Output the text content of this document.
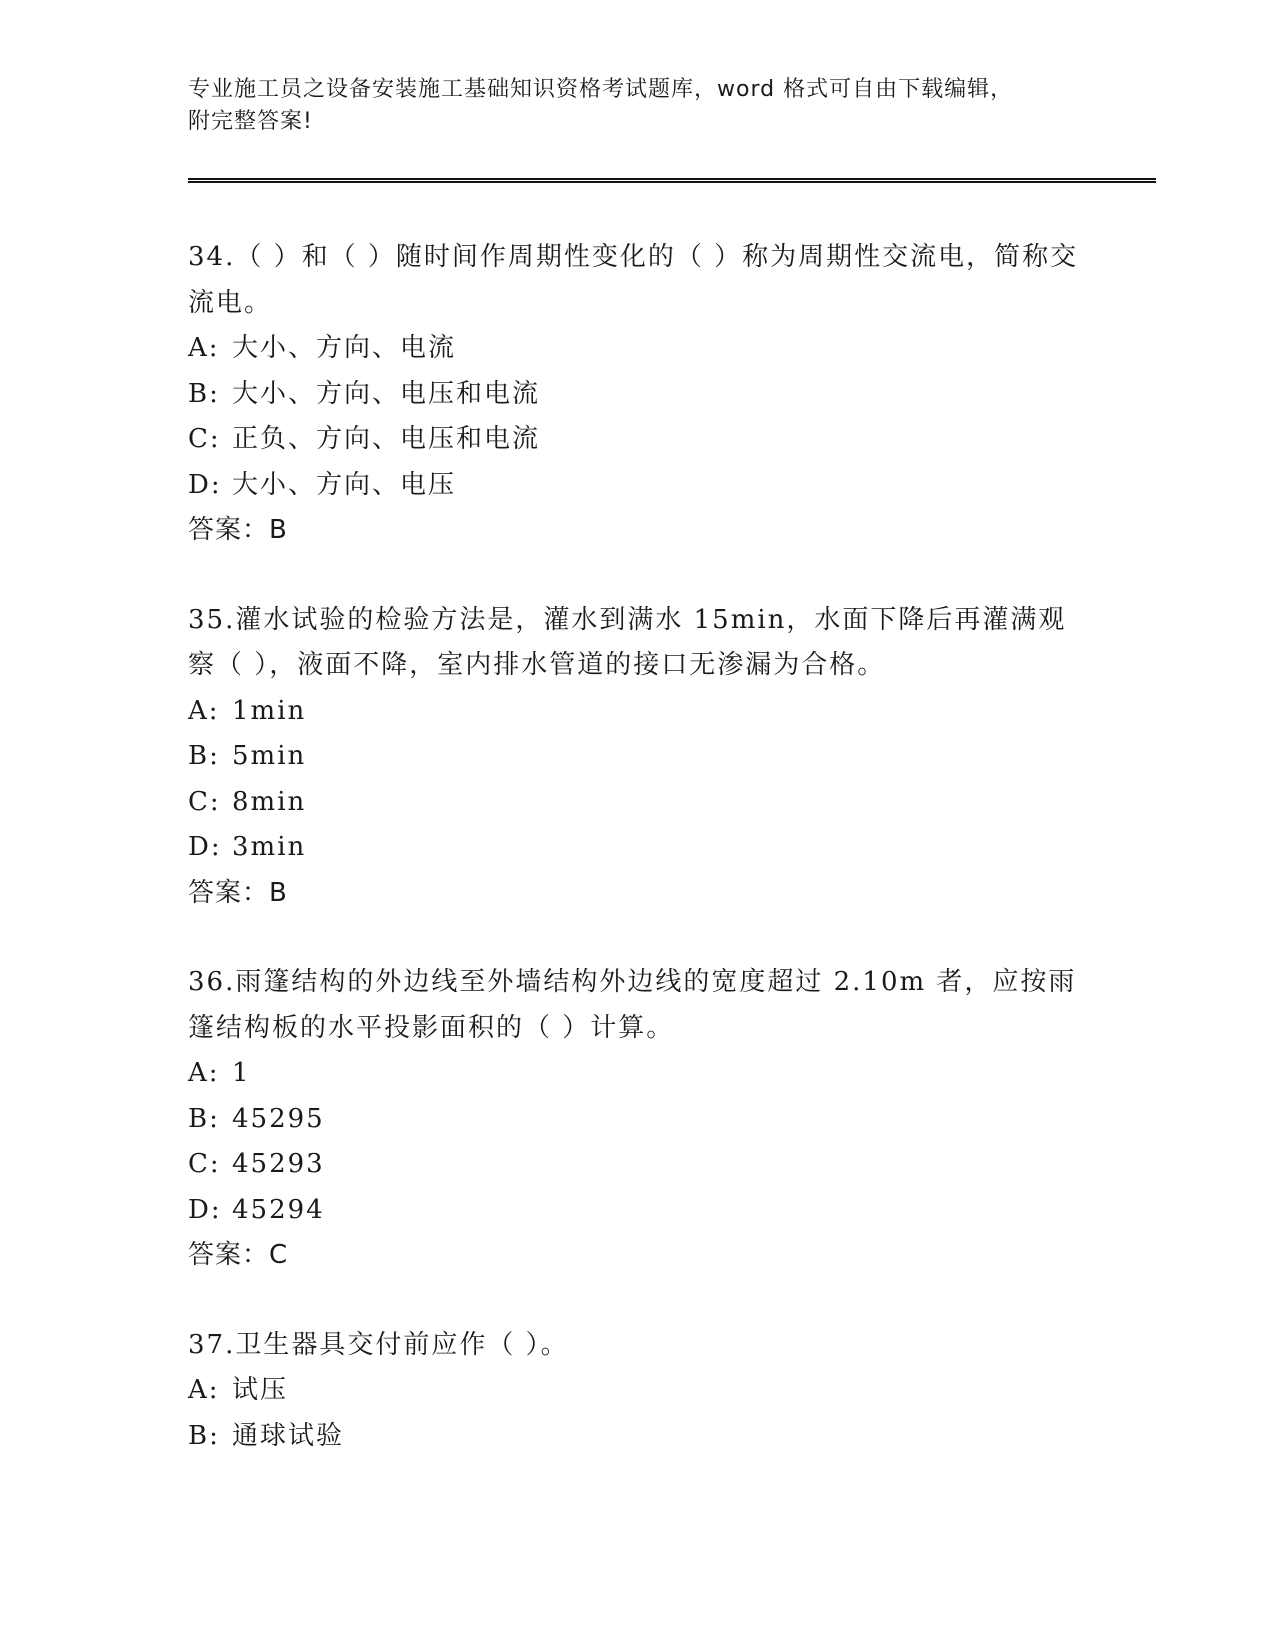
专业施工员之设备安装施工基础知识资格考试题库，word 格式可自由下载编辑，
附完整答案!
34.（ ）和（ ）随时间作周期性变化的（ ）称为周期性交流电，简称交流电。
A: 大小、方向、电流
B: 大小、方向、电压和电流
C: 正负、方向、电压和电流
D: 大小、方向、电压
答案：B
35.灌水试验的检验方法是，灌水到满水 15min，水面下降后再灌满观察（ ），液面不降，室内排水管道的接口无渗漏为合格。
A: 1min
B: 5min
C: 8min
D: 3min
答案：B
36.雨篷结构的外边线至外墙结构外边线的宽度超过 2.10m 者，应按雨篷结构板的水平投影面积的（ ）计算。
A: 1
B: 45295
C: 45293
D: 45294
答案：C
37.卫生器具交付前应作（ ）。
A: 试压
B: 通球试验
